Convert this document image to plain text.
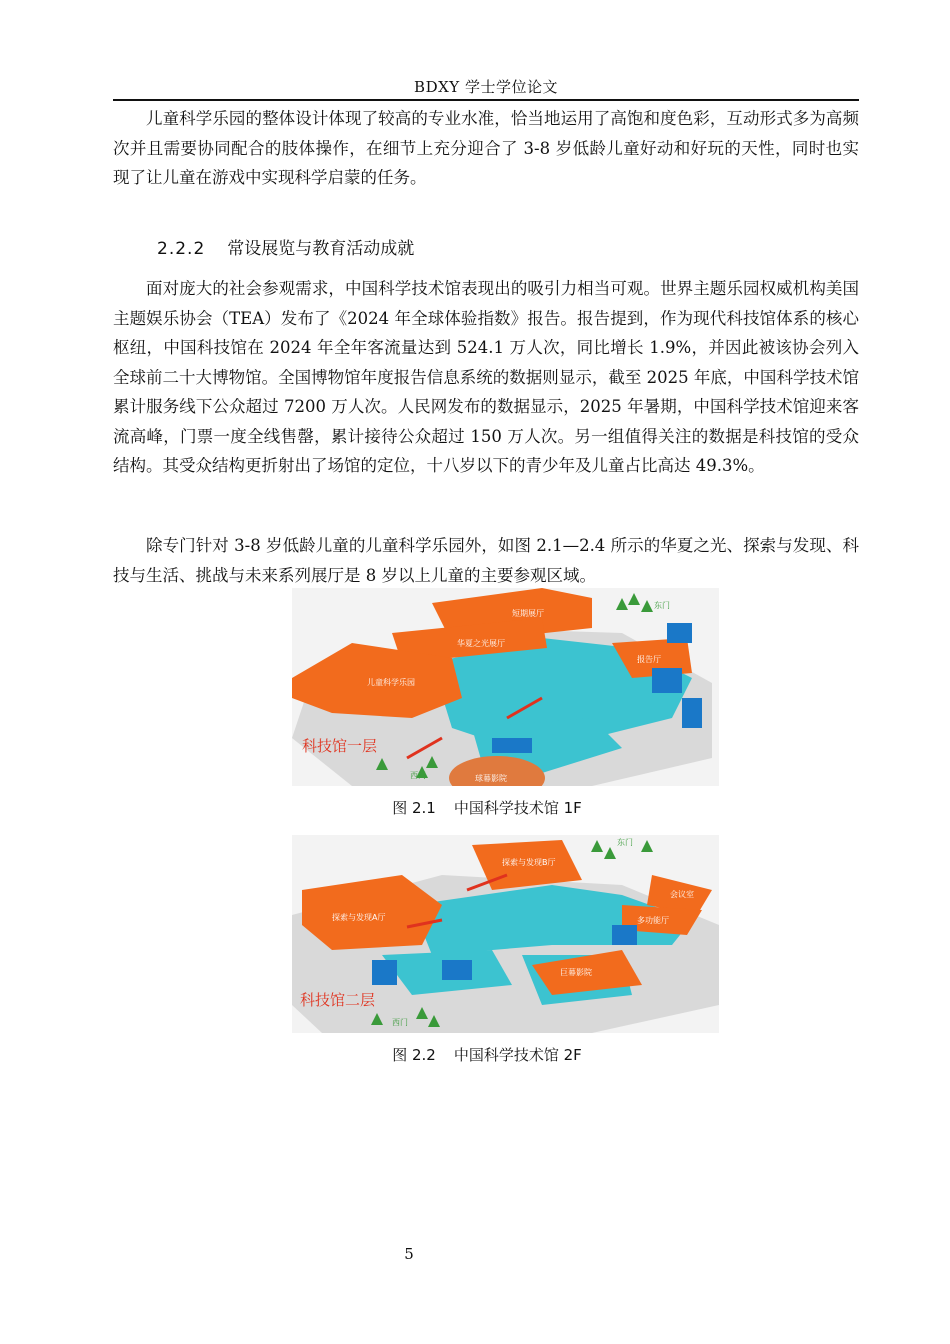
BDXY 学士学位论文

儿童科学乐园的整体设计体现了较高的专业水准，恰当地运用了高饱和度色彩，互动形式多为高频次并且需要协同配合的肢体操作，在细节上充分迎合了 3-8 岁低龄儿童好动和好玩的天性，同时也实现了让儿童在游戏中实现科学启蒙的任务。

2.2.2 常设展览与教育活动成就

面对庞大的社会参观需求，中国科学技术馆表现出的吸引力相当可观。世界主题乐园权威机构美国主题娱乐协会（TEA）发布了《2024 年全球体验指数》报告。报告提到，作为现代科技馆体系的核心枢纽，中国科技馆在 2024 年全年客流量达到 524.1 万人次，同比增长 1.9%，并因此被该协会列入全球前二十大博物馆。全国博物馆年度报告信息系统的数据则显示，截至 2025 年底，中国科学技术馆累计服务线下公众超过 7200 万人次。人民网发布的数据显示，2025 年暑期，中国科学技术馆迎来客流高峰，门票一度全线售罄，累计接待公众超过 150 万人次。另一组值得关注的数据是科技馆的受众结构。其受众结构更折射出了场馆的定位，十八岁以下的青少年及儿童占比高达 49.3%。

除专门针对 3-8 岁低龄儿童的儿童科学乐园外，如图 2.1—2.4 所示的华夏之光、探索与发现、科技与生活、挑战与未来系列展厅是 8 岁以上儿童的主要参观区域。

短期展厅
华夏之光展厅
儿童科学乐园
报告厅
球幕影院
东门
西门
科技馆一层
图 2.1 中国科学技术馆 1F
探索与发现B厅
探索与发现A厅
会议室
多功能厅
巨幕影院
东门
西门
科技馆二层
图 2.2 中国科学技术馆 2F
5
